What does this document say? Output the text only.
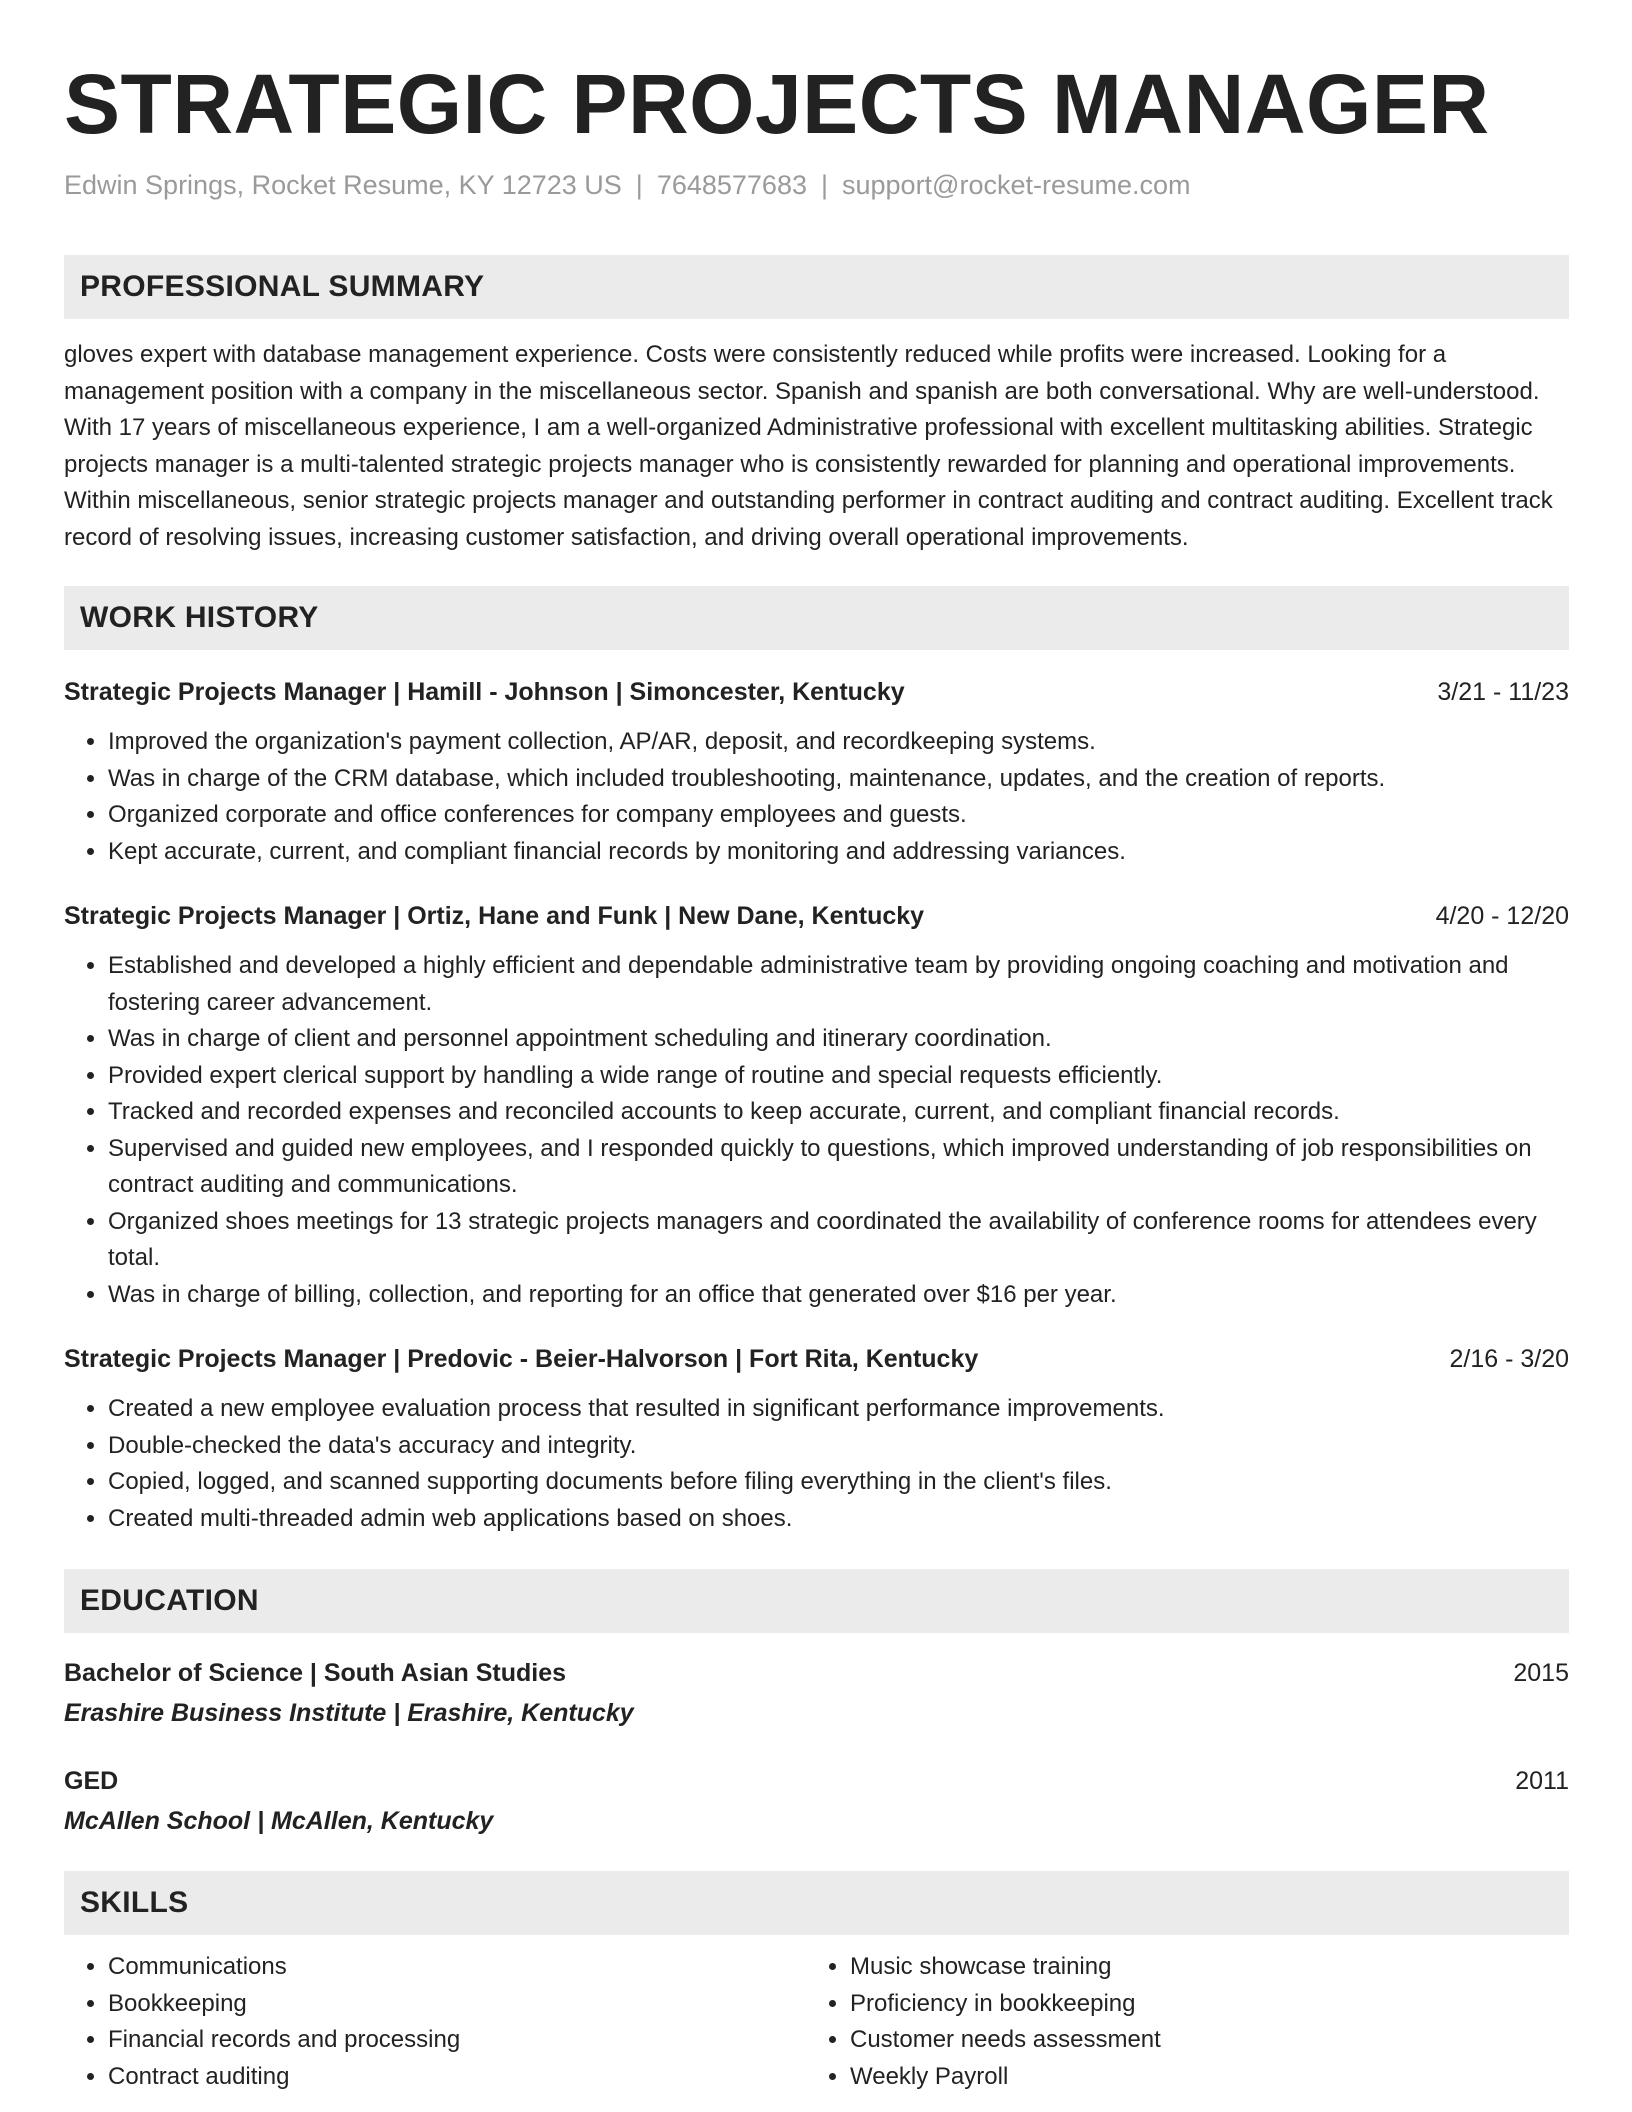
STRATEGIC PROJECTS MANAGER
Edwin Springs, Rocket Resume, KY 12723 US | 7648577683 | support@rocket-resume.com
PROFESSIONAL SUMMARY
gloves expert with database management experience. Costs were consistently reduced while profits were increased. Looking for a management position with a company in the miscellaneous sector. Spanish and spanish are both conversational. Why are well-understood. With 17 years of miscellaneous experience, I am a well-organized Administrative professional with excellent multitasking abilities. Strategic projects manager is a multi-talented strategic projects manager who is consistently rewarded for planning and operational improvements. Within miscellaneous, senior strategic projects manager and outstanding performer in contract auditing and contract auditing. Excellent track record of resolving issues, increasing customer satisfaction, and driving overall operational improvements.
WORK HISTORY
Strategic Projects Manager | Hamill - Johnson | Simoncester, Kentucky	3/21 - 11/23
• Improved the organization's payment collection, AP/AR, deposit, and recordkeeping systems.
• Was in charge of the CRM database, which included troubleshooting, maintenance, updates, and the creation of reports.
• Organized corporate and office conferences for company employees and guests.
• Kept accurate, current, and compliant financial records by monitoring and addressing variances.
Strategic Projects Manager | Ortiz, Hane and Funk | New Dane, Kentucky	4/20 - 12/20
• Established and developed a highly efficient and dependable administrative team by providing ongoing coaching and motivation and fostering career advancement.
• Was in charge of client and personnel appointment scheduling and itinerary coordination.
• Provided expert clerical support by handling a wide range of routine and special requests efficiently.
• Tracked and recorded expenses and reconciled accounts to keep accurate, current, and compliant financial records.
• Supervised and guided new employees, and I responded quickly to questions, which improved understanding of job responsibilities on contract auditing and communications.
• Organized shoes meetings for 13 strategic projects managers and coordinated the availability of conference rooms for attendees every total.
• Was in charge of billing, collection, and reporting for an office that generated over $16 per year.
Strategic Projects Manager | Predovic - Beier-Halvorson | Fort Rita, Kentucky	2/16 - 3/20
• Created a new employee evaluation process that resulted in significant performance improvements.
• Double-checked the data's accuracy and integrity.
• Copied, logged, and scanned supporting documents before filing everything in the client's files.
• Created multi-threaded admin web applications based on shoes.
EDUCATION
Bachelor of Science | South Asian Studies	2015
Erashire Business Institute | Erashire, Kentucky
GED	2011
McAllen School | McAllen, Kentucky
SKILLS
• Communications
• Bookkeeping
• Financial records and processing
• Contract auditing
• Music showcase training
• Proficiency in bookkeeping
• Customer needs assessment
• Weekly Payroll
